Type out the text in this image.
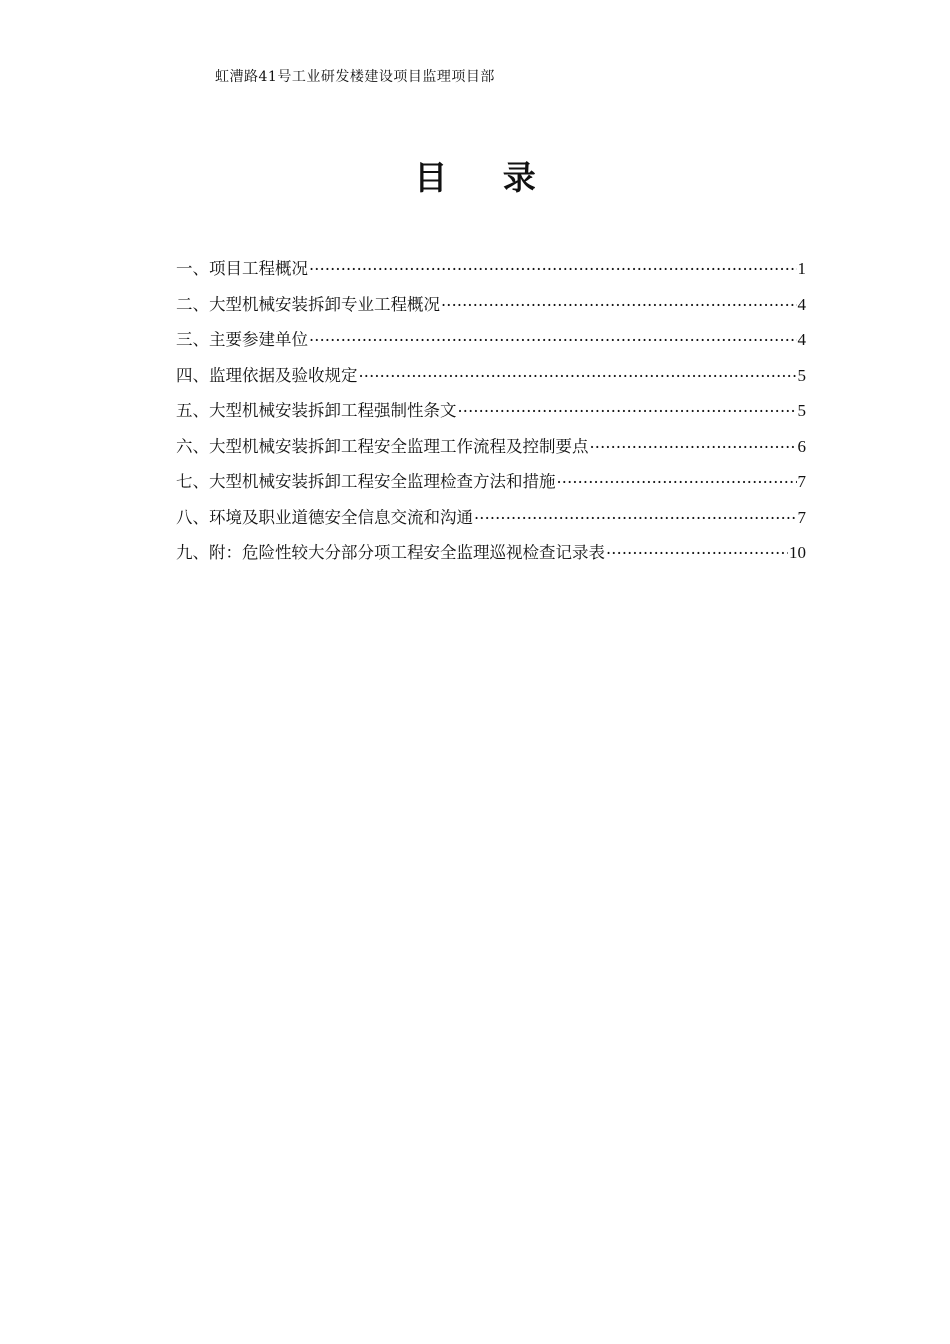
虹漕路41号工业研发楼建设项目监理项目部
目 录
一、项目工程概况 .....	1
二、大型机械安装拆卸专业工程概况 .....	4
三、主要参建单位 .....	4
四、监理依据及验收规定 .....	5
五、大型机械安装拆卸工程强制性条文 .....	5
六、大型机械安装拆卸工程安全监理工作流程及控制要点 .....	6
七、大型机械安装拆卸工程安全监理检查方法和措施 .....	7
八、环境及职业道德安全信息交流和沟通 .....	7
九、附：危险性较大分部分项工程安全监理巡视检查记录表 .....	10
